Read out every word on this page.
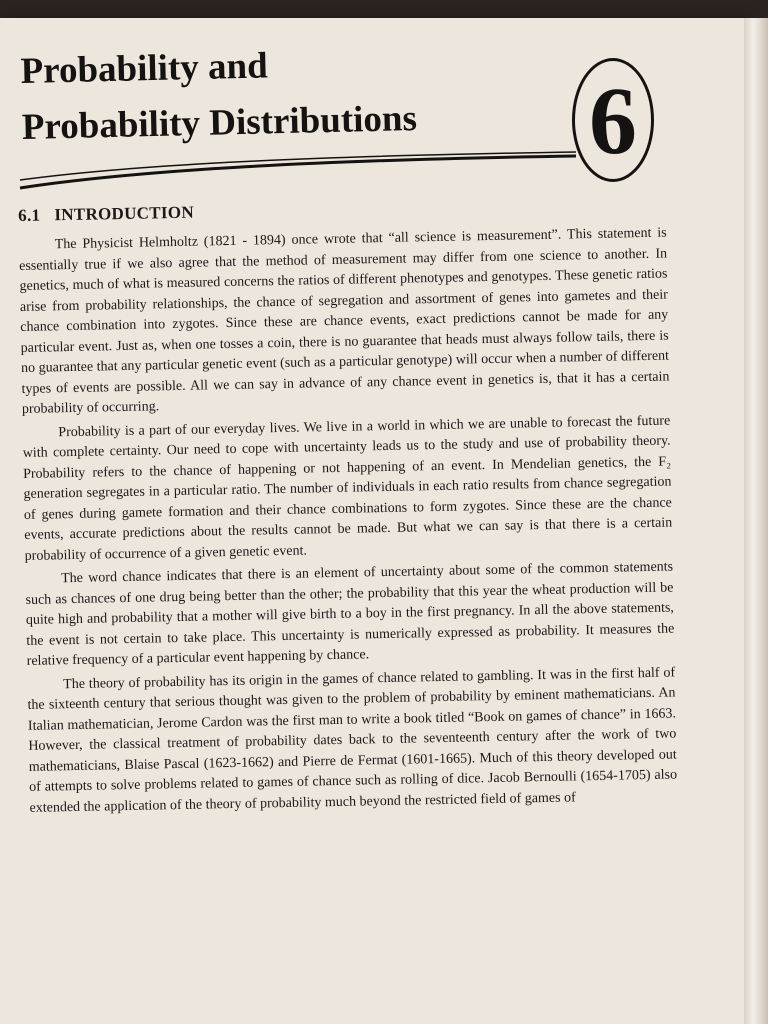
Probability and
Probability Distributions 6
6.1 INTRODUCTION

The Physicist Helmholtz (1821 - 1894) once wrote that “all science is measurement”. This statement is essentially true if we also agree that the method of measurement may differ from one science to another. In genetics, much of what is measured concerns the ratios of different phenotypes and genotypes. These genetic ratios arise from probability relationships, the chance of segregation and assortment of genes into gametes and their chance combination into zygotes. Since these are chance events, exact predictions cannot be made for any particular event. Just as, when one tosses a coin, there is no guarantee that heads must always follow tails, there is no guarantee that any particular genetic event (such as a particular genotype) will occur when a number of different types of events are possible. All we can say in advance of any chance event in genetics is, that it has a certain probability of occurring.

Probability is a part of our everyday lives. We live in a world in which we are unable to forecast the future with complete certainty. Our need to cope with uncertainty leads us to the study and use of probability theory. Probability refers to the chance of happening or not happening of an event. In Mendelian genetics, the F₂ generation segregates in a particular ratio. The number of individuals in each ratio results from chance segregation of genes during gamete formation and their chance combinations to form zygotes. Since these are the chance events, accurate predictions about the results cannot be made. But what we can say is that there is a certain probability of occurrence of a given genetic event.

The word chance indicates that there is an element of uncertainty about some of the common statements such as chances of one drug being better than the other; the probability that this year the wheat production will be quite high and probability that a mother will give birth to a boy in the first pregnancy. In all the above statements, the event is not certain to take place. This uncertainty is numerically expressed as probability. It measures the relative frequency of a particular event happening by chance.

The theory of probability has its origin in the games of chance related to gambling. It was in the first half of the sixteenth century that serious thought was given to the problem of probability by eminent mathematicians. An Italian mathematician, Jerome Cardon was the first man to write a book titled “Book on games of chance” in 1663. However, the classical treatment of probability dates back to the seventeenth century after the work of two mathematicians, Blaise Pascal (1623-1662) and Pierre de Fermat (1601-1665). Much of this theory developed out of attempts to solve problems related to games of chance such as rolling of dice. Jacob Bernoulli (1654-1705) also extended the application of the theory of probability much beyond the restricted field of games of
